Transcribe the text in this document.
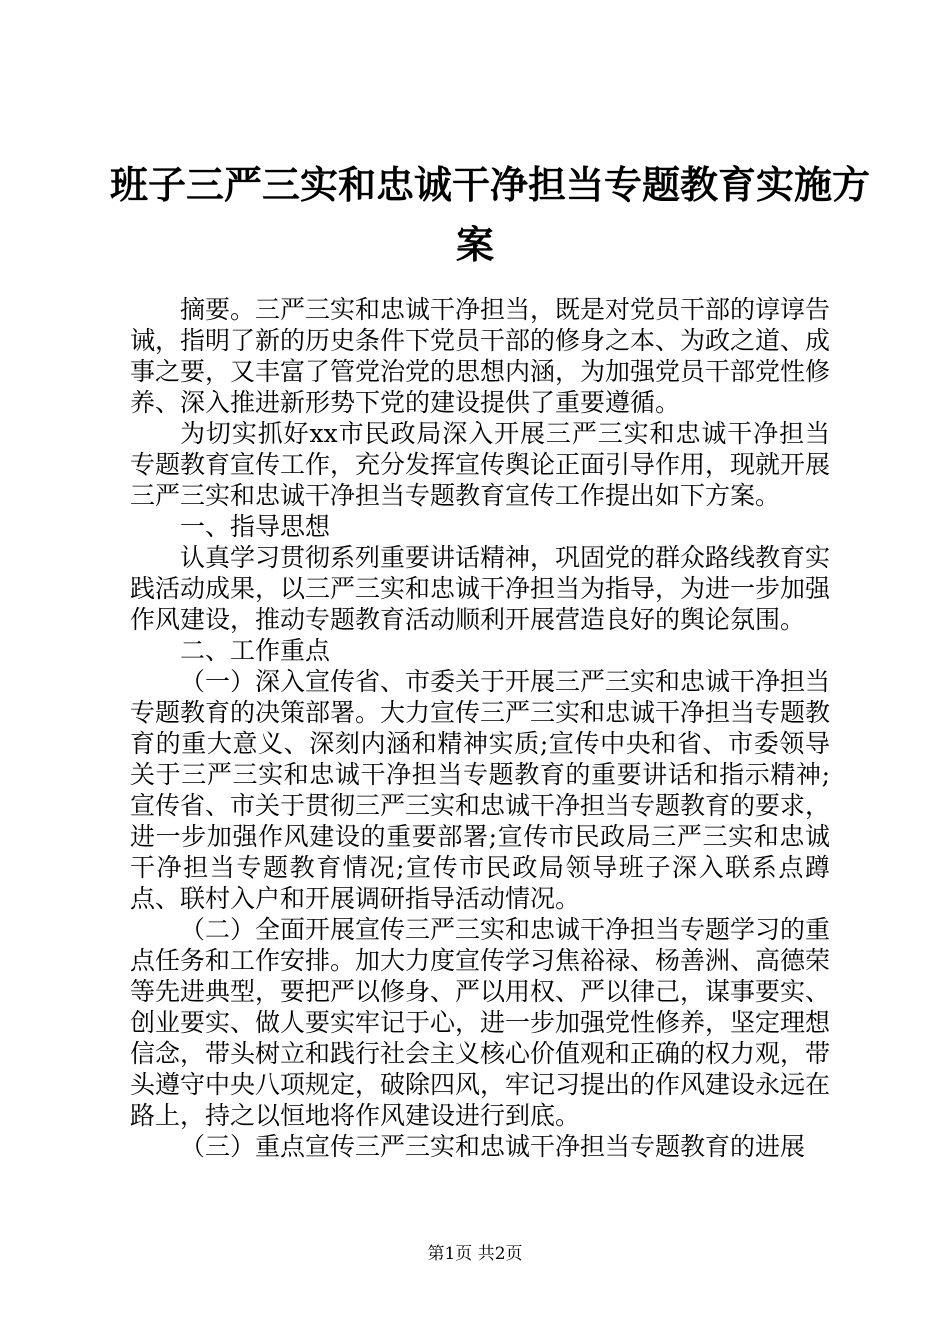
班子三严三实和忠诚干净担当专题教育实施方
案

摘要。三严三实和忠诚干净担当，既是对党员干部的谆谆告诫，指明了新的历史条件下党员干部的修身之本、为政之道、成事之要，又丰富了管党治党的思想内涵，为加强党员干部党性修养、深入推进新形势下党的建设提供了重要遵循。

为切实抓好xx市民政局深入开展三严三实和忠诚干净担当专题教育宣传工作，充分发挥宣传舆论正面引导作用，现就开展三严三实和忠诚干净担当专题教育宣传工作提出如下方案。

一、指导思想

认真学习贯彻系列重要讲话精神，巩固党的群众路线教育实践活动成果，以三严三实和忠诚干净担当为指导，为进一步加强作风建设，推动专题教育活动顺利开展营造良好的舆论氛围。

二、工作重点

（一）深入宣传省、市委关于开展三严三实和忠诚干净担当专题教育的决策部署。大力宣传三严三实和忠诚干净担当专题教育的重大意义、深刻内涵和精神实质;宣传中央和省、市委领导关于三严三实和忠诚干净担当专题教育的重要讲话和指示精神;宣传省、市关于贯彻三严三实和忠诚干净担当专题教育的要求，进一步加强作风建设的重要部署;宣传市民政局三严三实和忠诚干净担当专题教育情况;宣传市民政局领导班子深入联系点蹲点、联村入户和开展调研指导活动情况。

（二）全面开展宣传三严三实和忠诚干净担当专题学习的重点任务和工作安排。加大力度宣传学习焦裕禄、杨善洲、高德荣等先进典型，要把严以修身、严以用权、严以律己，谋事要实、创业要实、做人要实牢记于心，进一步加强党性修养，坚定理想信念，带头树立和践行社会主义核心价值观和正确的权力观，带头遵守中央八项规定，破除四风，牢记习提出的作风建设永远在路上，持之以恒地将作风建设进行到底。

（三）重点宣传三严三实和忠诚干净担当专题教育的进展

第1页 共2页
